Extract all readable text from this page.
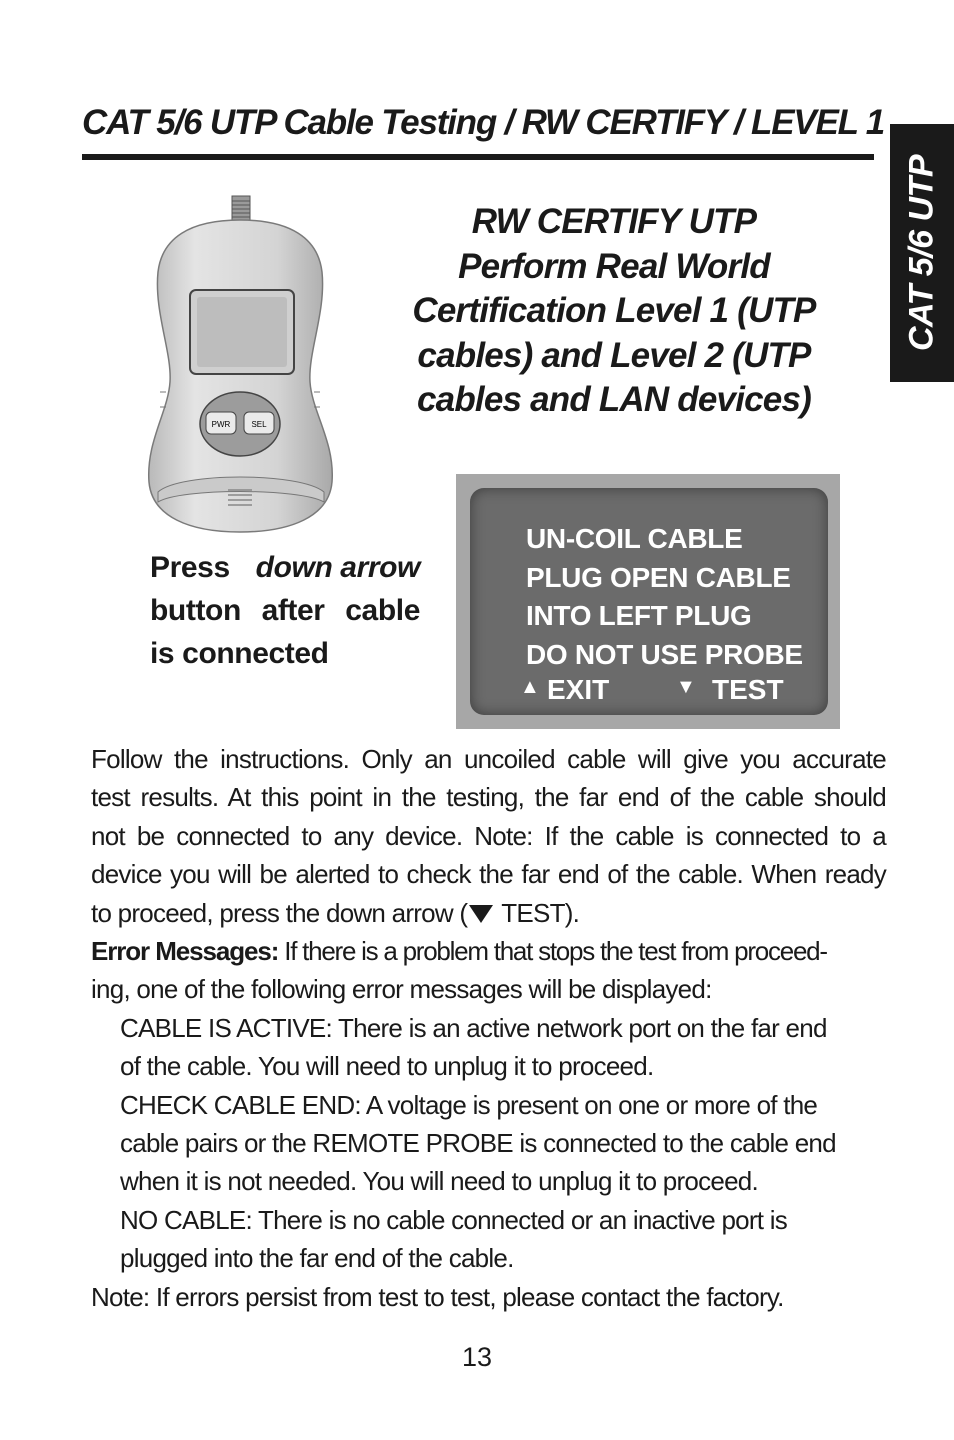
CAT 5/6 UTP Cable Testing / RW CERTIFY / LEVEL 1
CAT 5/6 UTP
PWR	SEL
RW CERTIFY UTP
Perform Real World
Certification Level 1 (UTP
cables) and Level 2 (UTP
cables and LAN devices)
Press down arrow
button after cable
is connected
UN-COIL CABLE
PLUG OPEN CABLE
INTO LEFT PLUG
DO NOT USE PROBE
▲ EXIT	▼ TEST
Follow the instructions. Only an uncoiled cable will give you accurate
test results. At this point in the testing, the far end of the cable should
not be connected to any device. Note: If the cable is connected to a
device you will be alerted to check the far end of the cable. When ready
to proceed, press the down arrow ( TEST).
Error Messages: If there is a problem that stops the test from proceed-
ing, one of the following error messages will be displayed:
CABLE IS ACTIVE: There is an active network port on the far end
of the cable. You will need to unplug it to proceed.
CHECK CABLE END: A voltage is present on one or more of the
cable pairs or the REMOTE PROBE is connected to the cable end
when it is not needed. You will need to unplug it to proceed.
NO CABLE: There is no cable connected or an inactive port is
plugged into the far end of the cable.
Note: If errors persist from test to test, please contact the factory.
13
